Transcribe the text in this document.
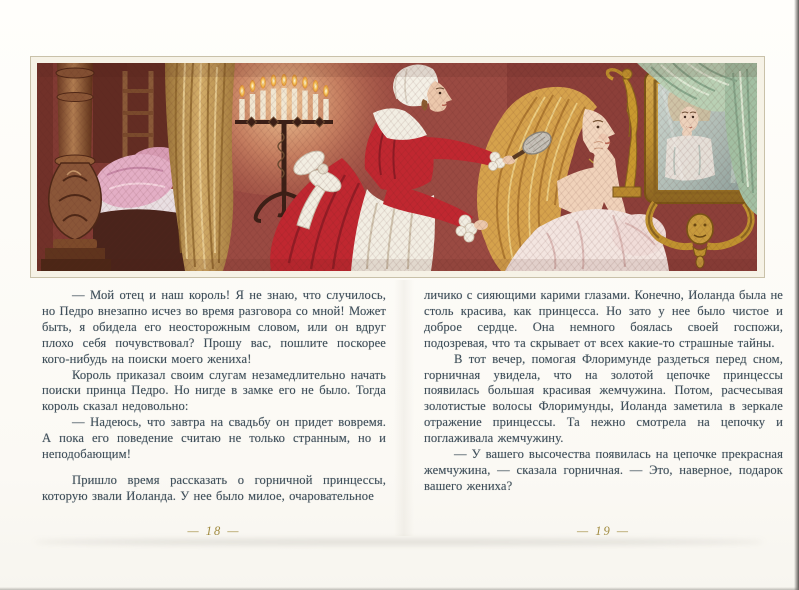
— Мой отец и наш король! Я не знаю, что случилось, но Педро внезапно исчез во время разговора со мной! Может быть, я обидела его неосторожным словом, или он вдруг плохо себя почувствовал? Прошу вас, пошлите поскорее кого-нибудь на поиски моего жениха!

Король приказал своим слугам незамедлительно начать поиски принца Педро. Но нигде в замке его не было. Тогда король сказал недовольно:

— Надеюсь, что завтра на свадьбу он придет вовремя. А пока его поведение считаю не только странным, но и неподобающим!

Пришло время рассказать о горничной принцессы, которую звали Иоланда. У нее было милое, очаровательное

личико с сияющими карими глазами. Конечно, Иоланда была не столь красива, как принцесса. Но зато у нее было чистое и доброе сердце. Она немного боялась своей госпожи, подозревая, что та скрывает от всех какие-то страшные тайны.

В тот вечер, помогая Флоримунде раздеться перед сном, горничная увидела, что на золотой цепочке принцессы появилась большая красивая жемчужина. Потом, расчесывая золотистые волосы Флоримунды, Иоланда заметила в зеркале отражение принцессы. Та нежно смотрела на цепочку и поглаживала жемчужину.

— У вашего высочества появилась на цепочке прекрасная жемчужина, — сказала горничная. — Это, наверное, подарок вашего жениха?

— 18 —	— 19 —
